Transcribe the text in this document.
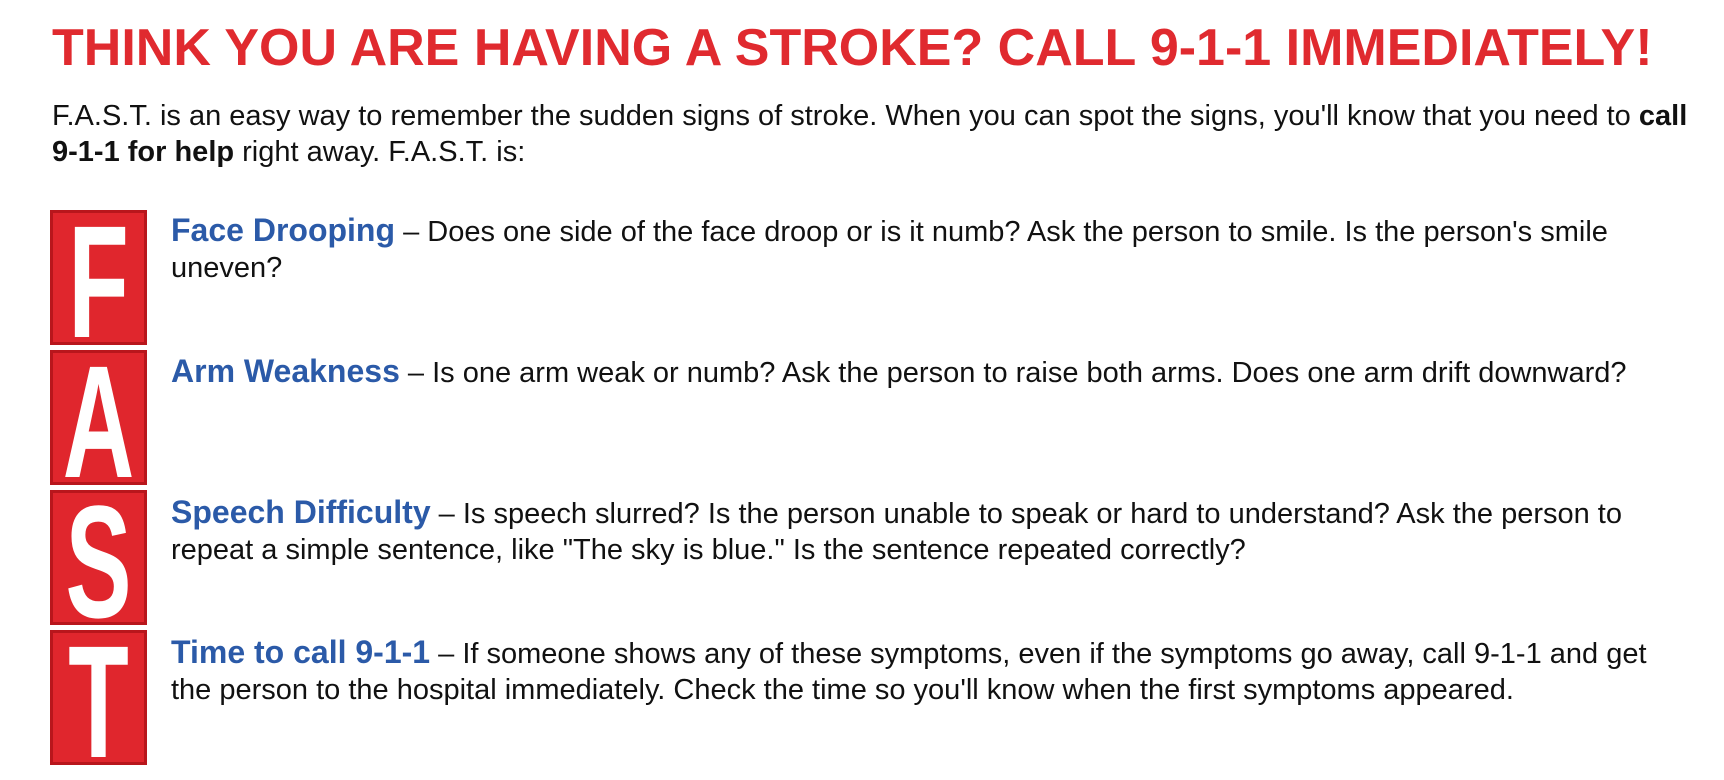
THINK YOU ARE HAVING A STROKE? CALL 9-1-1 IMMEDIATELY!

F.A.S.T. is an easy way to remember the sudden signs of stroke. When you can spot the signs, you'll know that you need to call 9-1-1 for help right away. F.A.S.T. is:

F
A
S
T

Face Drooping – Does one side of the face droop or is it numb? Ask the person to smile. Is the person's smile uneven?

Arm Weakness – Is one arm weak or numb? Ask the person to raise both arms. Does one arm drift downward?

Speech Difficulty – Is speech slurred? Is the person unable to speak or hard to understand? Ask the person to repeat a simple sentence, like "The sky is blue." Is the sentence repeated correctly?

Time to call 9-1-1 – If someone shows any of these symptoms, even if the symptoms go away, call 9-1-1 and get the person to the hospital immediately. Check the time so you'll know when the first symptoms appeared.
